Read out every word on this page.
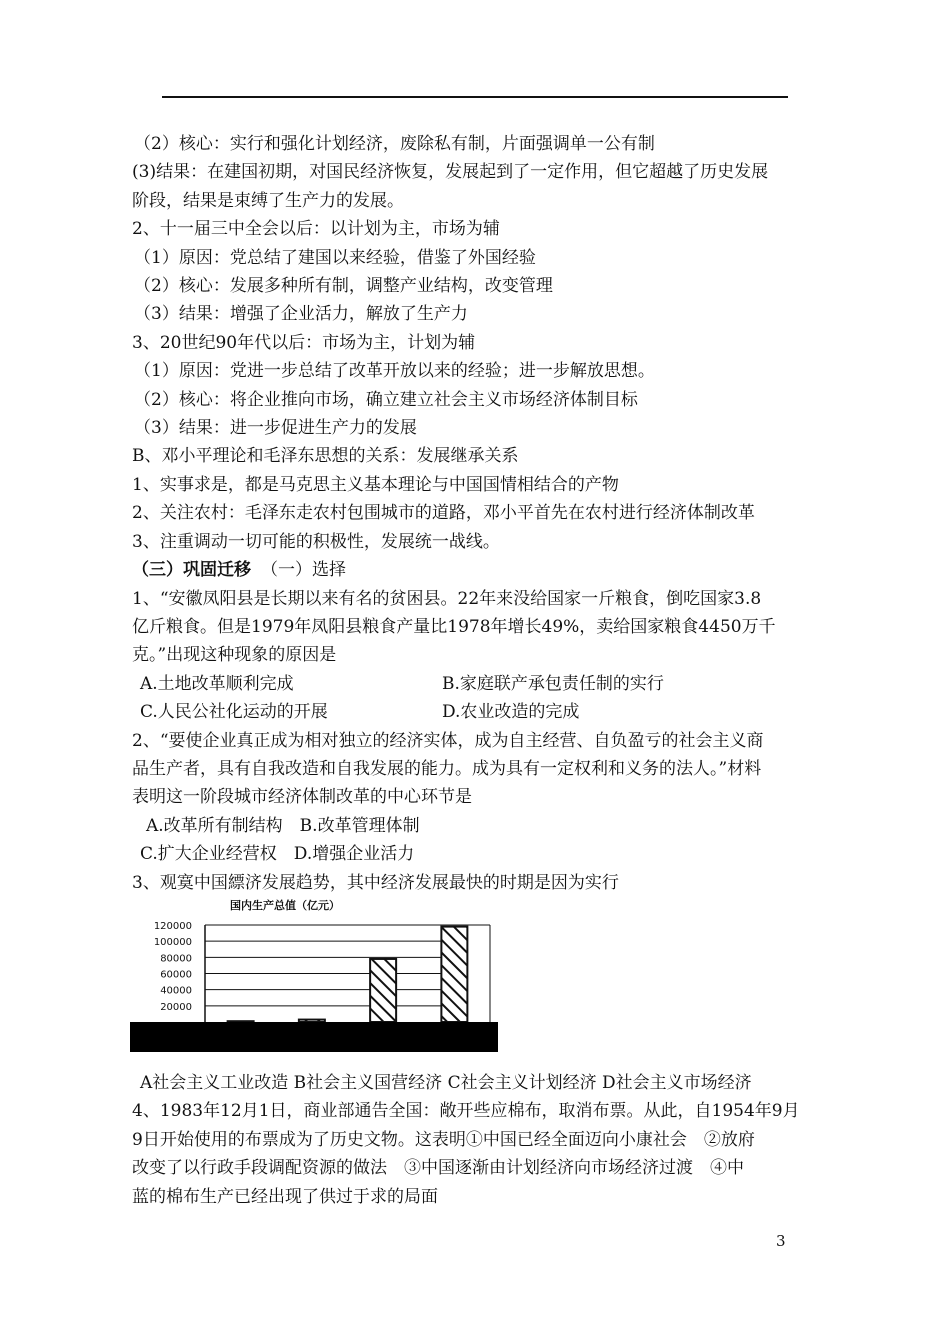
（2）核心：实行和强化计划经济，废除私有制，片面强调单一公有制
(3)结果：在建国初期，对国民经济恢复，发展起到了一定作用，但它超越了历史发展
阶段，结果是束缚了生产力的发展。
2、十一届三中全会以后：以计划为主，市场为辅
（1）原因：党总结了建国以来经验，借鉴了外国经验
（2）核心：发展多种所有制，调整产业结构，改变管理
（3）结果：增强了企业活力，解放了生产力
3、20世纪90年代以后：市场为主，计划为辅
（1）原因：党进一步总结了改革开放以来的经验；进一步解放思想。
（2）核心：将企业推向市场，确立建立社会主义市场经济体制目标
（3）结果：进一步促进生产力的发展
B、邓小平理论和毛泽东思想的关系：发展继承关系
1、实事求是，都是马克思主义基本理论与中国国情相结合的产物
2、关注农村：毛泽东走农村包围城市的道路，邓小平首先在农村进行经济体制改革
3、注重调动一切可能的积极性，发展统一战线。
（三）巩固迁移 （一）选择
1、“安徽凤阳县是长期以来有名的贫困县。22年来没给国家一斤粮食，倒吃国家3.8
亿斤粮食。但是1979年凤阳县粮食产量比1978年增长49%，卖给国家粮食4450万千
克。”出现这种现象的原因是
A.土地改革顺利完成	B.家庭联产承包责任制的实行
C.人民公社化运动的开展	D.农业改造的完成
2、“要使企业真正成为相对独立的经济实体，成为自主经营、自负盈亏的社会主义商
品生产者，具有自我改造和自我发展的能力。成为具有一定权利和义务的法人。”材料
表明这一阶段城市经济体制改革的中心环节是
A.改革所有制结构　B.改革管理体制
C.扩大企业经营权　D.增强企业活力
3、观寞中国縹济发展趋势，其中经济发展最快的时期是因为实行
国内生产总值（亿元）
120000
100000
80000
60000
40000
20000
A社会主义工业改造 B社会主义国营经济 C社会主义计划经济 D社会主义市场经济
4、1983年12月1日，商业部通告全国：敞开些应棉布，取消布票。从此，自1954年9月
9日开始使用的布票成为了历史文物。这表明①中国已经全面迈向小康社会　②放府
改变了以行政手段调配资源的做法　③中国逐渐由计划经济向市场经济过渡　④中
蓝的棉布生产已经出现了供过于求的局面
3
